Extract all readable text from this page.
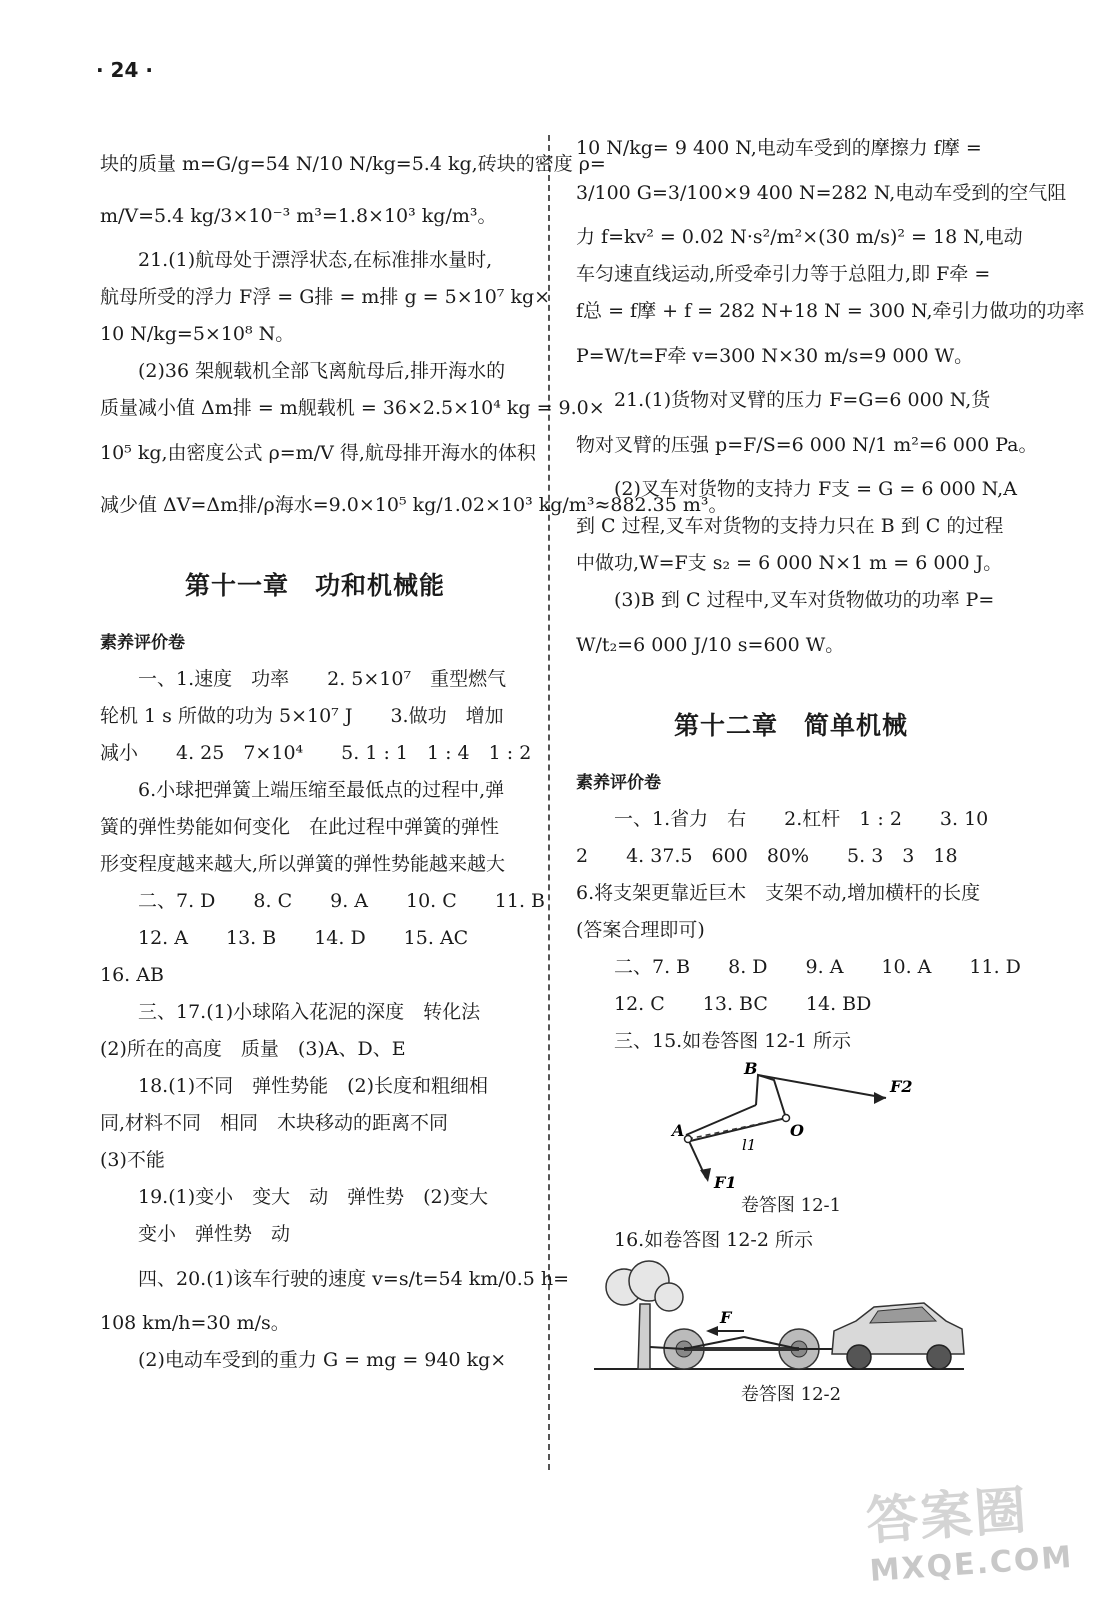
· 24 ·
块的质量 m=G/g=54 N/10 N/kg=5.4 kg,砖块的密度 ρ=
m/V=5.4 kg/3×10⁻³ m³=1.8×10³ kg/m³。
21.(1)航母处于漂浮状态,在标准排水量时,
航母所受的浮力 F浮 = G排 = m排 g = 5×10⁷ kg×
10 N/kg=5×10⁸ N。
(2)36 架舰载机全部飞离航母后,排开海水的
质量减小值 Δm排 = m舰载机 = 36×2.5×10⁴ kg = 9.0×
10⁵ kg,由密度公式 ρ=m/V 得,航母排开海水的体积
减少值 ΔV=Δm排/ρ海水=9.0×10⁵ kg/1.02×10³ kg/m³≈882.35 m³。
第十一章　功和机械能
素养评价卷
一、1.速度　功率　　2. 5×10⁷　重型燃气
轮机 1 s 所做的功为 5×10⁷ J　　3.做功　增加
减小　　4. 25　7×10⁴　　5. 1 : 1　1 : 4　1 : 2
6.小球把弹簧上端压缩至最低点的过程中,弹
簧的弹性势能如何变化　在此过程中弹簧的弹性
形变程度越来越大,所以弹簧的弹性势能越来越大
二、7. D　　8. C　　9. A　　10. C　　11. B
12. A　　13. B　　14. D　　15. AC
16. AB
三、17.(1)小球陷入花泥的深度　转化法
(2)所在的高度　质量　(3)A、D、E
18.(1)不同　弹性势能　(2)长度和粗细相
同,材料不同　相同　木块移动的距离不同
(3)不能
19.(1)变小　变大　动　弹性势　(2)变大
变小　弹性势　动
四、20.(1)该车行驶的速度 v=s/t=54 km/0.5 h=
108 km/h=30 m/s。
(2)电动车受到的重力 G = mg = 940 kg×
10 N/kg= 9 400 N,电动车受到的摩擦力 f摩 =
3/100 G=3/100×9 400 N=282 N,电动车受到的空气阻
力 f=kv² = 0.02 N·s²/m²×(30 m/s)² = 18 N,电动
车匀速直线运动,所受牵引力等于总阻力,即 F牵 =
f总 = f摩 + f = 282 N+18 N = 300 N,牵引力做功的功率
P=W/t=F牵 v=300 N×30 m/s=9 000 W。
21.(1)货物对叉臂的压力 F=G=6 000 N,货
物对叉臂的压强 p=F/S=6 000 N/1 m²=6 000 Pa。
(2)叉车对货物的支持力 F支 = G = 6 000 N,A
到 C 过程,叉车对货物的支持力只在 B 到 C 的过程
中做功,W=F支 s₂ = 6 000 N×1 m = 6 000 J。
(3)B 到 C 过程中,叉车对货物做功的功率 P=
W/t₂=6 000 J/10 s=600 W。
第十二章　简单机械
素养评价卷
一、1.省力　右　　2.杠杆　1 : 2　　3. 10
2　　4. 37.5　600　80%　　5. 3　3　18
6.将支架更靠近巨木　支架不动,增加横杆的长度
(答案合理即可)
二、7. B　　8. D　　9. A　　10. A　　11. D
12. C　　13. BC　　14. BD
三、15.如卷答图 12-1 所示
B
F2
O
A
l1
F1
卷答图 12-1
16.如卷答图 12-2 所示
F
卷答图 12-2
答案圈
MXQE.COM
